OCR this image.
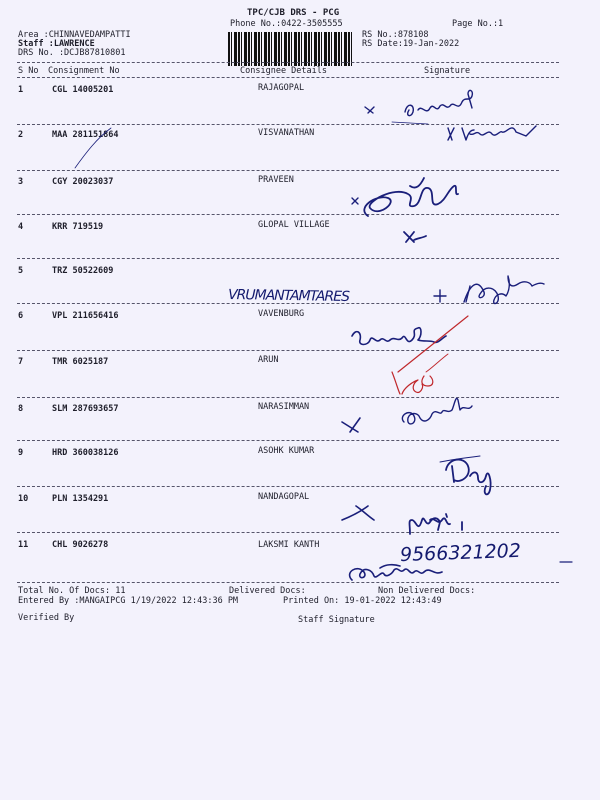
TPC/CJB DRS - PCG
Phone No.:0422-3505555	Page No.:1
Area :CHINNAVEDAMPATTI
Staff :LAWRENCE
DRS No. :DCJB87810801
RS No.:878108
RS Date:19-Jan-2022
S No Consignment No	Consignee Details	Signature
1	CGL 14005201	RAJAGOPAL
2	MAA 281151864	VISVANATHAN
3	CGY 20023037	PRAVEEN
4	KRR 719519	GLOPAL VILLAGE
5	TRZ 50522609
6	VPL 211656416	VAVENBURG
7	TMR 6025187	ARUN
8	SLM 287693657	NARASIMMAN
9	HRD 360038126	ASOHK KUMAR
10	PLN 1354291	NANDAGOPAL
11	CHL 9026278	LAKSMI KANTH
Total No. Of Docs: 11	Delivered Docs:	Non Delivered Docs:
Entered By :MANGAIPCG 1/19/2022 12:43:36 PM	Printed On: 19-01-2022 12:43:49
Verified By	Staff Signature
VRUMANTAMTARES
9566321202
